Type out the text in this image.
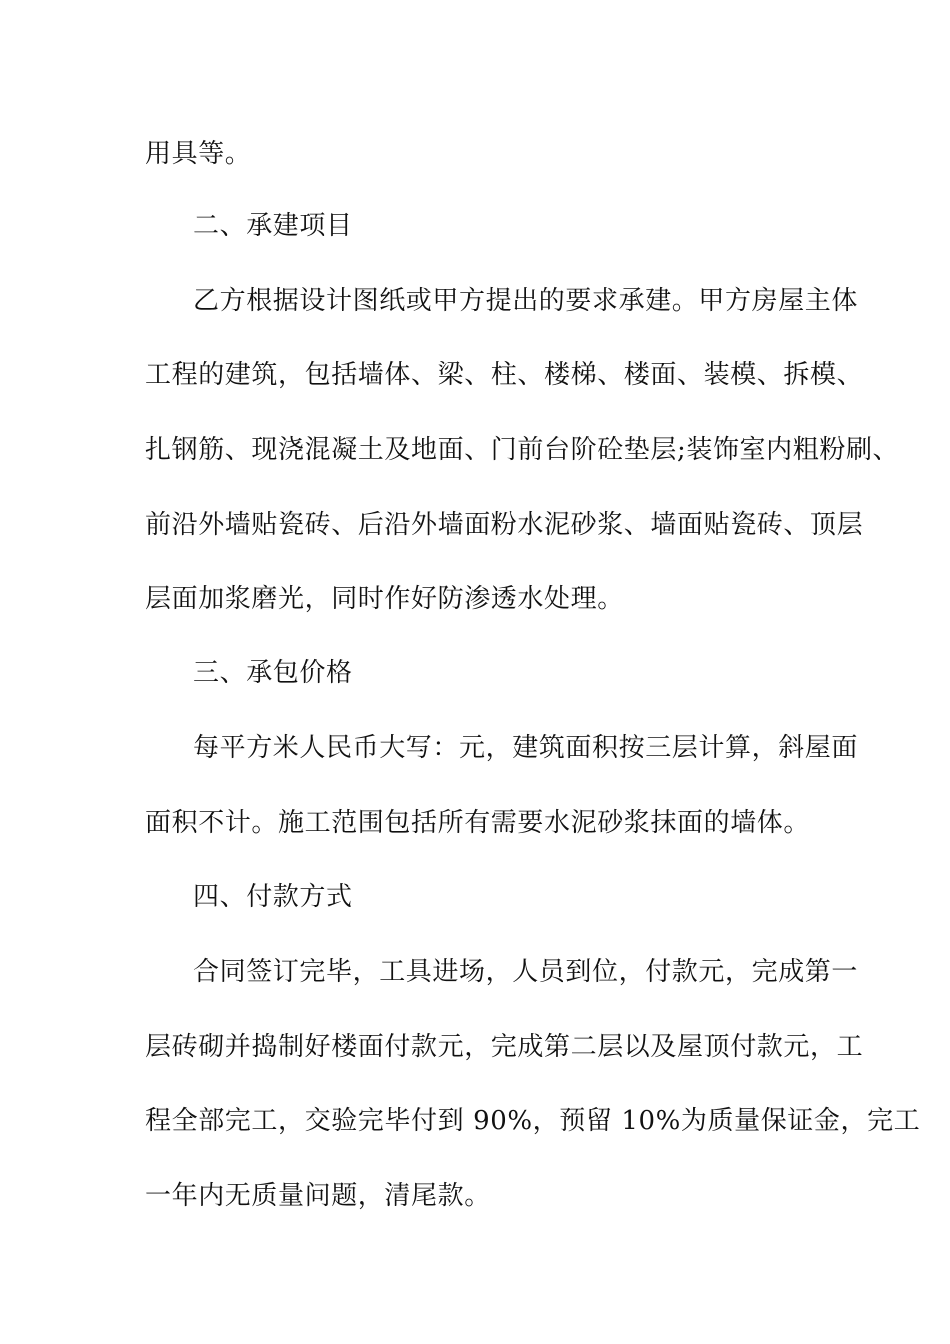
用具等。
二、承建项目
乙方根据设计图纸或甲方提出的要求承建。甲方房屋主体
工程的建筑，包括墙体、梁、柱、楼梯、楼面、装模、拆模、
扎钢筋、现浇混凝土及地面、门前台阶砼垫层;装饰室内粗粉刷、
前沿外墙贴瓷砖、后沿外墙面粉水泥砂浆、墙面贴瓷砖、顶层
层面加浆磨光，同时作好防渗透水处理。
三、承包价格
每平方米人民币大写：元，建筑面积按三层计算，斜屋面
面积不计。施工范围包括所有需要水泥砂浆抹面的墙体。
四、付款方式
合同签订完毕，工具进场，人员到位，付款元，完成第一
层砖砌并捣制好楼面付款元，完成第二层以及屋顶付款元，工
程全部完工，交验完毕付到 90%，预留 10%为质量保证金，完工
一年内无质量问题，清尾款。
